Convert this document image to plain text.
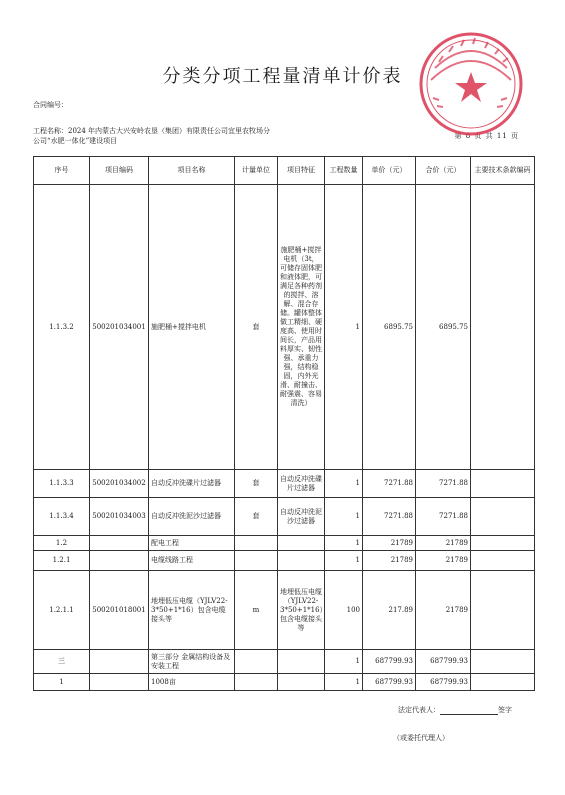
分类分项工程量清单计价表
合同编号：
工程名称：2024 年内蒙古大兴安岭农垦（集团）有限责任公司宜里农牧场分公司“水肥一体化”建设项目
第 8 页 共 11 页
序号	项目编码	项目名称	计量单位	项目特征	工程数量	单价（元）	合价（元）	主要技术条款编码
1.1.3.2	500201034001	施肥桶+搅拌电机	套	施肥桶+搅拌电机（3t，可储存固体肥和液体肥，可满足各种药剂的搅拌、溶解、混合存储。罐体整体做工精细、硬度高、使用时间长，产品用料厚实、韧性强、承重力强，结构稳固，内外光滑、耐撞击、耐强震、容易清洗）	1	6895.75	6895.75	
1.1.3.3	500201034002	自动反冲洗碟片过滤器	套	自动反冲洗碟片过滤器	1	7271.88	7271.88	
1.1.3.4	500201034003	自动反冲洗泥沙过滤器	套	自动反冲洗泥沙过滤器	1	7271.88	7271.88	
1.2		配电工程			1	21789	21789	
1.2.1		电缆线路工程			1	21789	21789	
1.2.1.1	500201018001	地埋低压电缆（YJLV22-3*50+1*16）包含电缆接头等	m	地埋低压电缆（YJLV22-3*50+1*16）包含电缆接头等	100	217.89	21789	
三		第三部分 金属结构设备及安装工程			1	687799.93	687799.93	
1		1008亩			1	687799.93	687799.93	
法定代表人：	签字
（或委托代理人）
